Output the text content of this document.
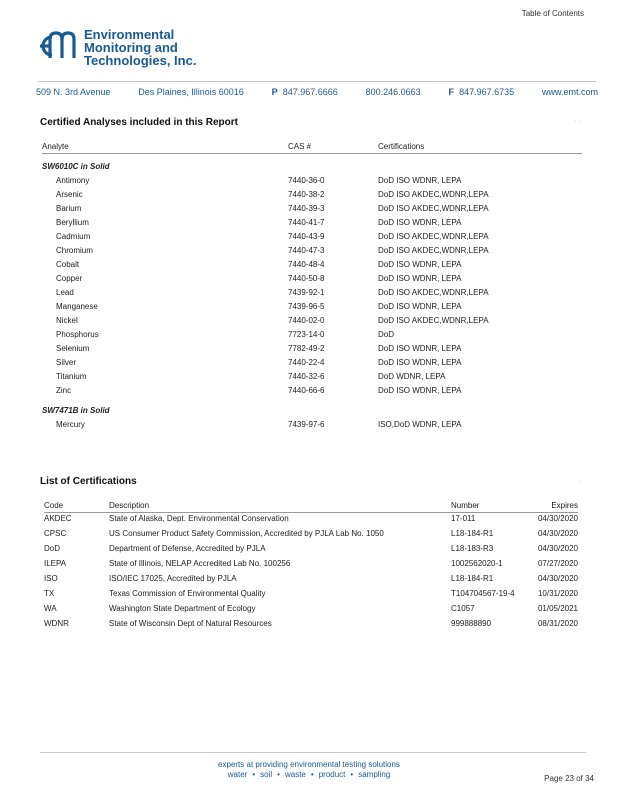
Table of Contents
Environmental
Monitoring and
Technologies, Inc.
509 N. 3rd Avenue	Des Plaines, Illinois 60016	P 847.967.6666	800.246.0663	F 847.967.6735	www.emt.com
Certified Analyses included in this Report	· ·
Analyte	CAS #	Certifications
SW6010C in Solid		
Antimony	7440-36-0	DoD ISO WDNR, LEPA
Arsenic	7440-38-2	DoD ISO AKDEC,WDNR,LEPA
Barium	7440-39-3	DoD ISO AKDEC,WDNR,LEPA
Beryllium	7440-41-7	DoD ISO WDNR, LEPA
Cadmium	7440-43-9	DoD ISO AKDEC,WDNR,LEPA
Chromium	7440-47-3	DoD ISO AKDEC,WDNR,LEPA
Cobalt	7440-48-4	DoD ISO WDNR, LEPA
Copper	7440-50-8	DoD ISO WDNR, LEPA
Lead	7439-92-1	DoD ISO AKDEC,WDNR,LEPA
Manganese	7439-96-5	DoD ISO WDNR, LEPA
Nickel	7440-02-0	DoD ISO AKDEC,WDNR,LEPA
Phosphorus	7723-14-0	DoD
Selenium	7782-49-2	DoD ISO WDNR, LEPA
Silver	7440-22-4	DoD ISO WDNR, LEPA
Titanium	7440-32-6	DoD WDNR, LEPA
Zinc	7440-66-6	DoD ISO WDNR, LEPA
SW7471B in Solid		
Mercury	7439-97-6	ISO,DoD WDNR, LEPA
List of Certifications	·
Code	Description	Number	Expires
AKDEC	State of Alaska, Dept. Environmental Conservation	17-011	04/30/2020
CPSC	US Consumer Product Safety Commission, Accredited by PJLA Lab No. 1050	L18-184-R1	04/30/2020
DoD	Department of Defense, Accredited by PJLA	L18-183-R3	04/30/2020
ILEPA	State of Illinois, NELAP Accredited Lab No. 100256	1002562020-1	07/27/2020
ISO	ISO/IEC 17025, Accredited by PJLA	L18-184-R1	04/30/2020
TX	Texas Commission of Environmental Quality	T104704567-19-4	10/31/2020
WA	Washington State Department of Ecology	C1057	01/05/2021
WDNR	State of Wisconsin Dept of Natural Resources	999888890	08/31/2020
experts at providing environmental testing solutions
water • soil • waste • product • sampling	Page 23 of 34
